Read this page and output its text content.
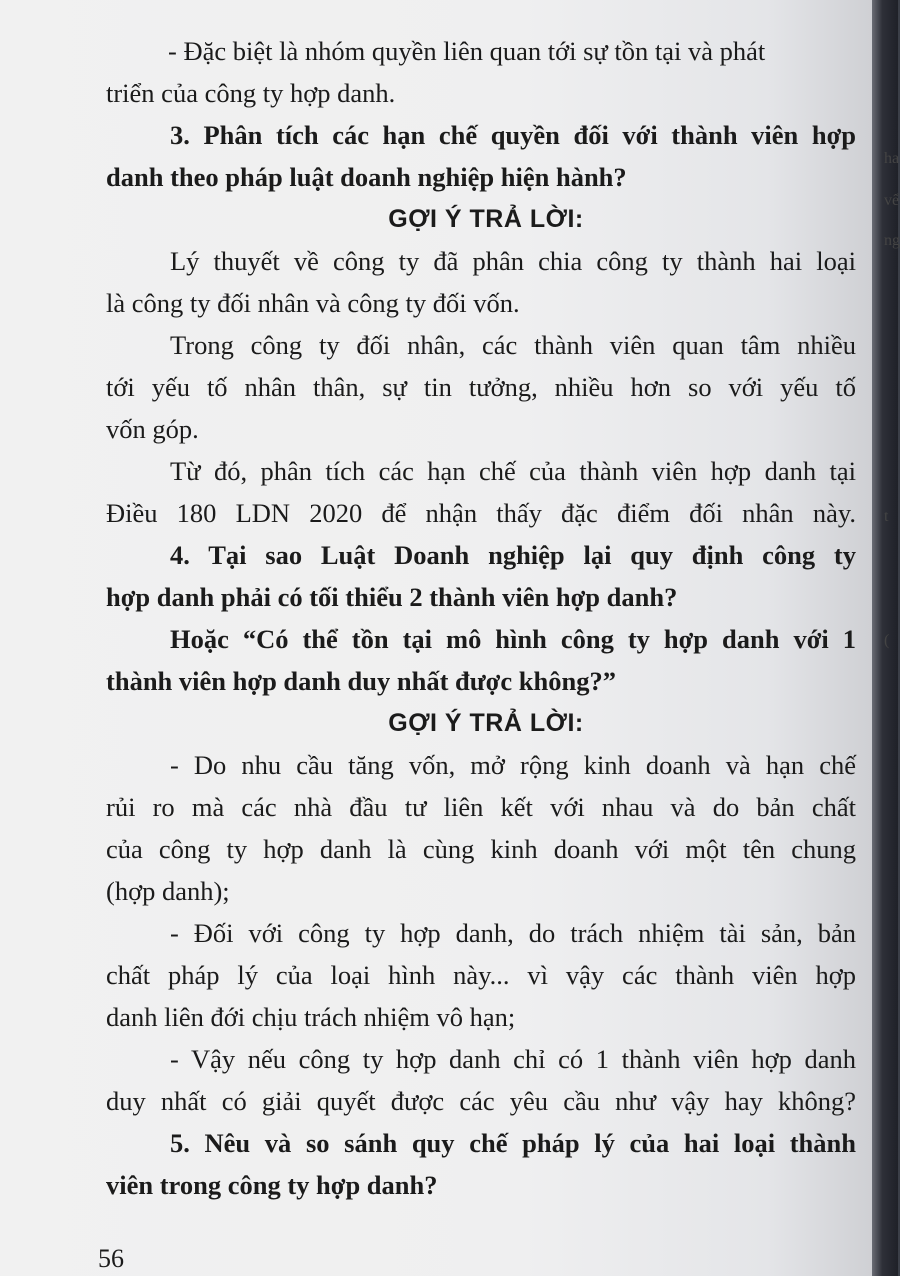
- Đặc biệt là nhóm quyền liên quan tới sự tồn tại và phát
triển của công ty hợp danh.
3. Phân tích các hạn chế quyền đối với thành viên hợp
danh theo pháp luật doanh nghiệp hiện hành?
GỢI Ý TRẢ LỜI:
Lý thuyết về công ty đã phân chia công ty thành hai loại
là công ty đối nhân và công ty đối vốn.
Trong công ty đối nhân, các thành viên quan tâm nhiều
tới yếu tố nhân thân, sự tin tưởng, nhiều hơn so với yếu tố
vốn góp.
Từ đó, phân tích các hạn chế của thành viên hợp danh tại
Điều 180 LDN 2020 để nhận thấy đặc điểm đối nhân này.
4. Tại sao Luật Doanh nghiệp lại quy định công ty
hợp danh phải có tối thiểu 2 thành viên hợp danh?
Hoặc “Có thể tồn tại mô hình công ty hợp danh với 1
thành viên hợp danh duy nhất được không?”
GỢI Ý TRẢ LỜI:
- Do nhu cầu tăng vốn, mở rộng kinh doanh và hạn chế
rủi ro mà các nhà đầu tư liên kết với nhau và do bản chất
của công ty hợp danh là cùng kinh doanh với một tên chung
(hợp danh);
- Đối với công ty hợp danh, do trách nhiệm tài sản, bản
chất pháp lý của loại hình này... vì vậy các thành viên hợp
danh liên đới chịu trách nhiệm vô hạn;
- Vậy nếu công ty hợp danh chỉ có 1 thành viên hợp danh
duy nhất có giải quyết được các yêu cầu như vậy hay không?
5. Nêu và so sánh quy chế pháp lý của hai loại thành
viên trong công ty hợp danh?
56
ha
vể
ng
t
(
